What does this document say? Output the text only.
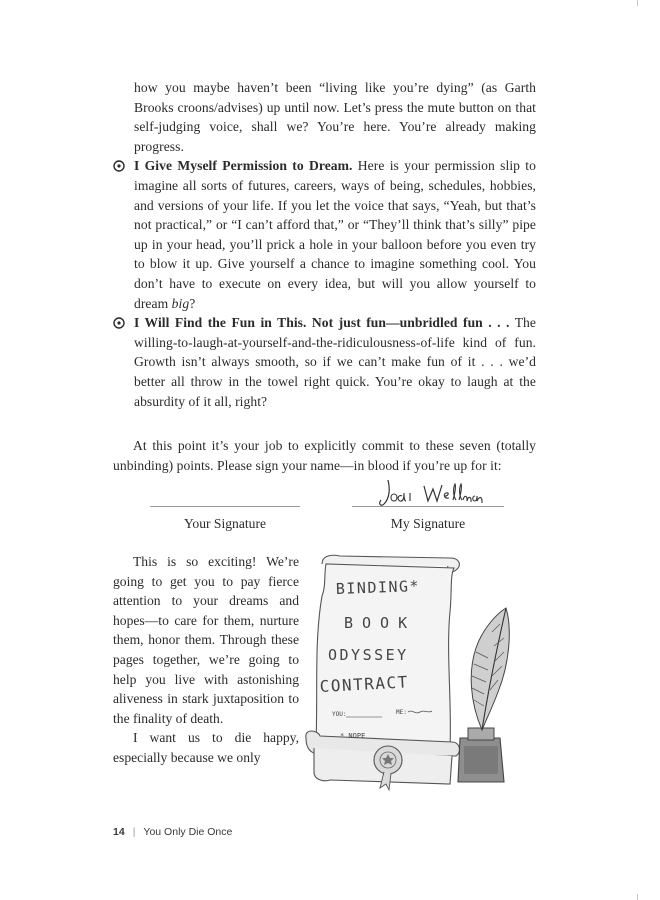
how you maybe haven’t been “living like you’re dying” (as Garth Brooks croons/advises) up until now. Let’s press the mute button on that self-judging voice, shall we? You’re here. You’re already making progress.

I Give Myself Permission to Dream. Here is your permission slip to imagine all sorts of futures, careers, ways of being, schedules, hobbies, and versions of your life. If you let the voice that says, “Yeah, but that’s not practical,” or “I can’t afford that,” or “They’ll think that’s silly” pipe up in your head, you’ll prick a hole in your balloon before you even try to blow it up. Give yourself a chance to imagine something cool. You don’t have to execute on every idea, but will you allow yourself to dream big?
I Will Find the Fun in This. Not just fun—unbridled fun . . . The willing-to-laugh-at-yourself-and-the-ridiculousness-of-life kind of fun. Growth isn’t always smooth, so if we can’t make fun of it . . . we’d better all throw in the towel right quick. You’re okay to laugh at the absurdity of it all, right?

At this point it’s your job to explicitly commit to these seven (totally unbinding) points. Please sign your name—in blood if you’re up for it:

Your Signature	My Signature

This is so exciting! We’re going to get you to pay fierce attention to your dreams and hopes—to care for them, nurture them, honor them. Through these pages together, we’re going to help you live with astonishing aliveness in stark juxtaposition to the finality of death.

I want us to die happy, especially because we only

BINDING*
BOOK
ODYSSEY
CONTRACT
YOU:	ME:
* NOPE
14 | You Only Die Once
